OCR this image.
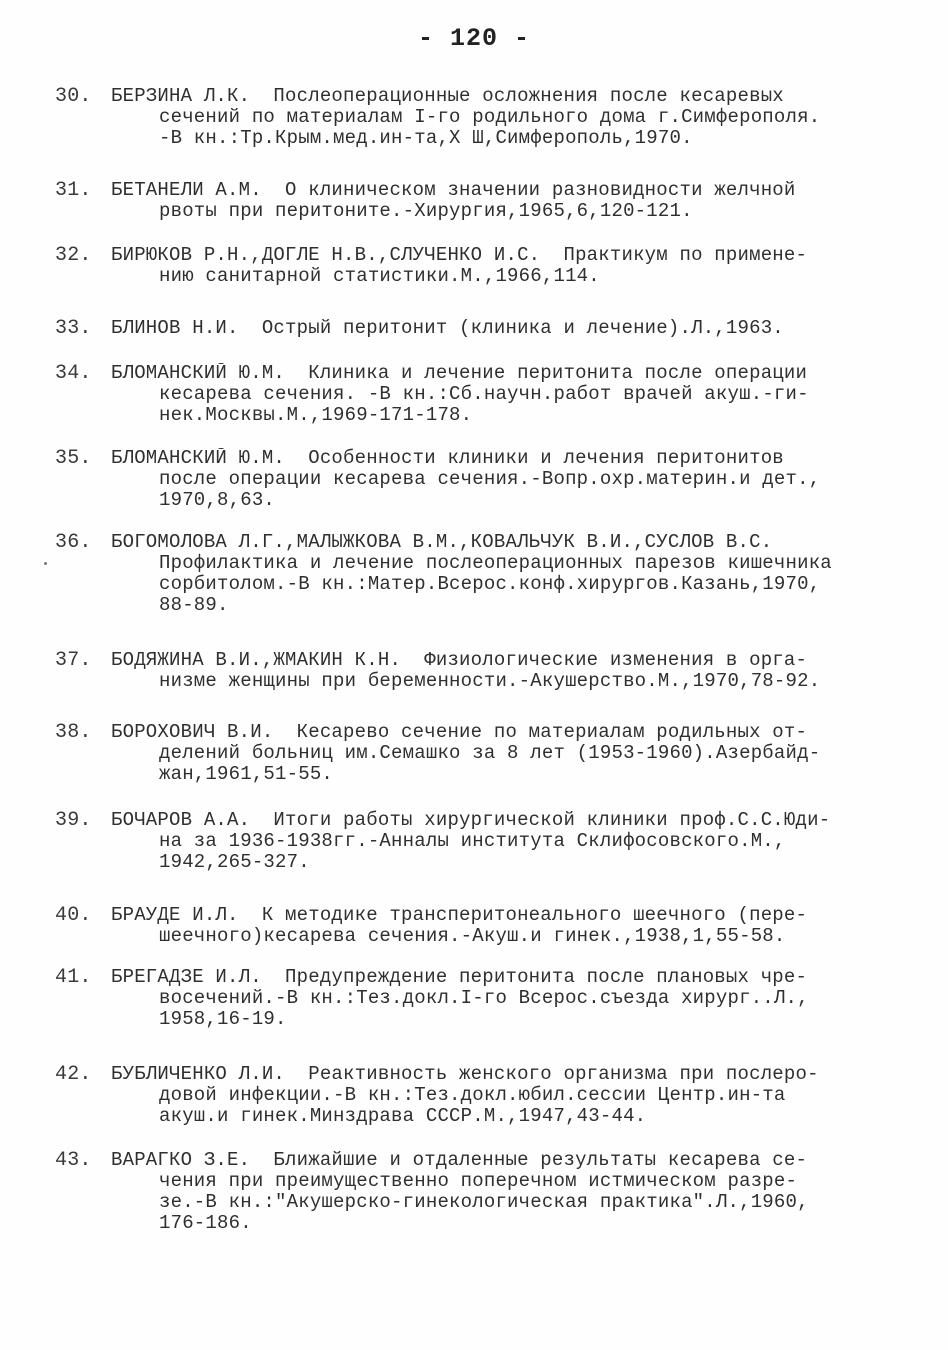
- 120 -
30.	БЕРЗИНА Л.К.  Послеоперационные осложнения после кесаревых
сечений по материалам I-го родильного дома г.Симферополя.
-В кн.:Тр.Крым.мед.ин-та,Х Ш,Симферополь,1970.
31.	БЕТАНЕЛИ А.М.  О клиническом значении разновидности желчной
рвоты при перитоните.-Хирургия,1965,6,120-121.
32.	БИРЮКОВ Р.Н.,ДОГЛЕ Н.В.,СЛУЧЕНКО И.С.  Практикум по примене-
нию санитарной статистики.М.,1966,114.
33.	БЛИНОВ Н.И.  Острый перитонит (клиника и лечение).Л.,1963.
34.	БЛОМАНСКИЙ Ю.М.  Клиника и лечение перитонита после операции
кесарева сечения. -В кн.:Сб.научн.работ врачей акуш.-ги-
нек.Москвы.М.,1969-171-178.
35.	БЛОМАНСКИЙ Ю.М.  Особенности клиники и лечения перитонитов
после операции кесарева сечения.-Вопр.охр.материн.и дет.,
1970,8,63.
36.	БОГОМОЛОВА Л.Г.,МАЛЫЖКОВА В.М.,КОВАЛЬЧУК В.И.,СУСЛОВ В.С.
Профилактика и лечение послеоперационных парезов кишечника
сорбитолом.-В кн.:Матер.Всерос.конф.хирургов.Казань,1970,
88-89.
37.	БОДЯЖИНА В.И.,ЖМАКИН К.Н.  Физиологические изменения в орга-
низме женщины при беременности.-Акушерство.М.,1970,78-92.
38.	БОРОХОВИЧ В.И.  Кесарево сечение по материалам родильных от-
делений больниц им.Семашко за 8 лет (1953-1960).Азербайд-
жан,1961,51-55.
39.	БОЧАРОВ А.А.  Итоги работы хирургической клиники проф.С.С.Юди-
на за 1936-1938гг.-Анналы института Склифосовского.М.,
1942,265-327.
40.	БРАУДЕ И.Л.  К методике трансперитонеального шеечного (пере-
шеечного)кесарева сечения.-Акуш.и гинек.,1938,1,55-58.
41.	БРЕГАДЗЕ И.Л.  Предупреждение перитонита после плановых чре-
восечений.-В кн.:Тез.докл.I-го Всерос.съезда хирург..Л.,
1958,16-19.
42.	БУБЛИЧЕНКО Л.И.  Реактивность женского организма при послеро-
довой инфекции.-В кн.:Тез.докл.юбил.сессии Центр.ин-та
акуш.и гинек.Минздрава СССР.М.,1947,43-44.
43.	ВАРАГКО З.Е.  Ближайшие и отдаленные результаты кесарева се-
чения при преимущественно поперечном истмическом разре-
зе.-В кн.:"Акушерско-гинекологическая практика".Л.,1960,
176-186.
